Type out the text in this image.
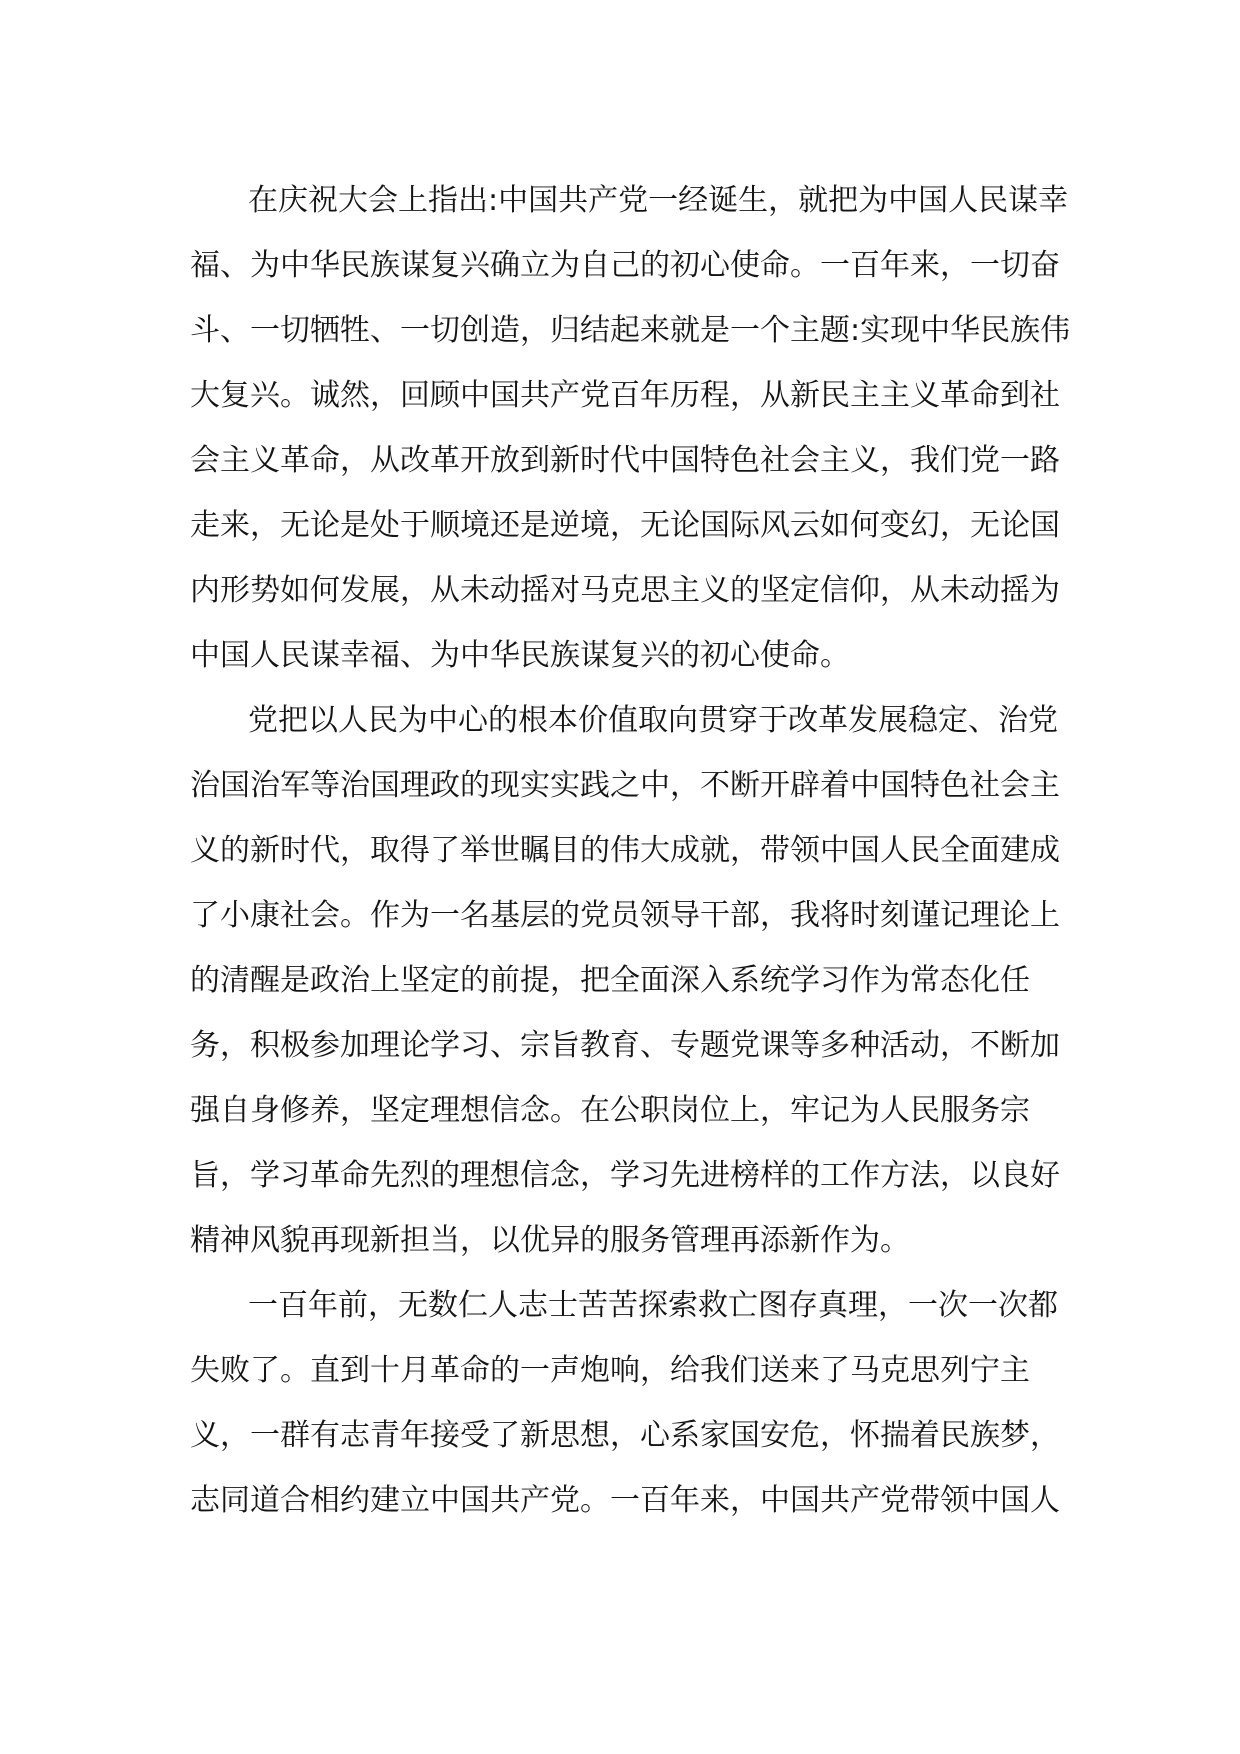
在庆祝大会上指出:中国共产党一经诞生，就把为中国人民谋幸
福、为中华民族谋复兴确立为自己的初心使命。一百年来，一切奋
斗、一切牺牲、一切创造，归结起来就是一个主题:实现中华民族伟
大复兴。诚然，回顾中国共产党百年历程，从新民主主义革命到社
会主义革命，从改革开放到新时代中国特色社会主义，我们党一路
走来，无论是处于顺境还是逆境，无论国际风云如何变幻，无论国
内形势如何发展，从未动摇对马克思主义的坚定信仰，从未动摇为
中国人民谋幸福、为中华民族谋复兴的初心使命。
党把以人民为中心的根本价值取向贯穿于改革发展稳定、治党
治国治军等治国理政的现实实践之中，不断开辟着中国特色社会主
义的新时代，取得了举世瞩目的伟大成就，带领中国人民全面建成
了小康社会。作为一名基层的党员领导干部，我将时刻谨记理论上
的清醒是政治上坚定的前提，把全面深入系统学习作为常态化任
务，积极参加理论学习、宗旨教育、专题党课等多种活动，不断加
强自身修养，坚定理想信念。在公职岗位上，牢记为人民服务宗
旨，学习革命先烈的理想信念，学习先进榜样的工作方法，以良好
精神风貌再现新担当，以优异的服务管理再添新作为。
一百年前，无数仁人志士苦苦探索救亡图存真理，一次一次都
失败了。直到十月革命的一声炮响，给我们送来了马克思列宁主
义，一群有志青年接受了新思想，心系家国安危，怀揣着民族梦，
志同道合相约建立中国共产党。一百年来，中国共产党带领中国人
